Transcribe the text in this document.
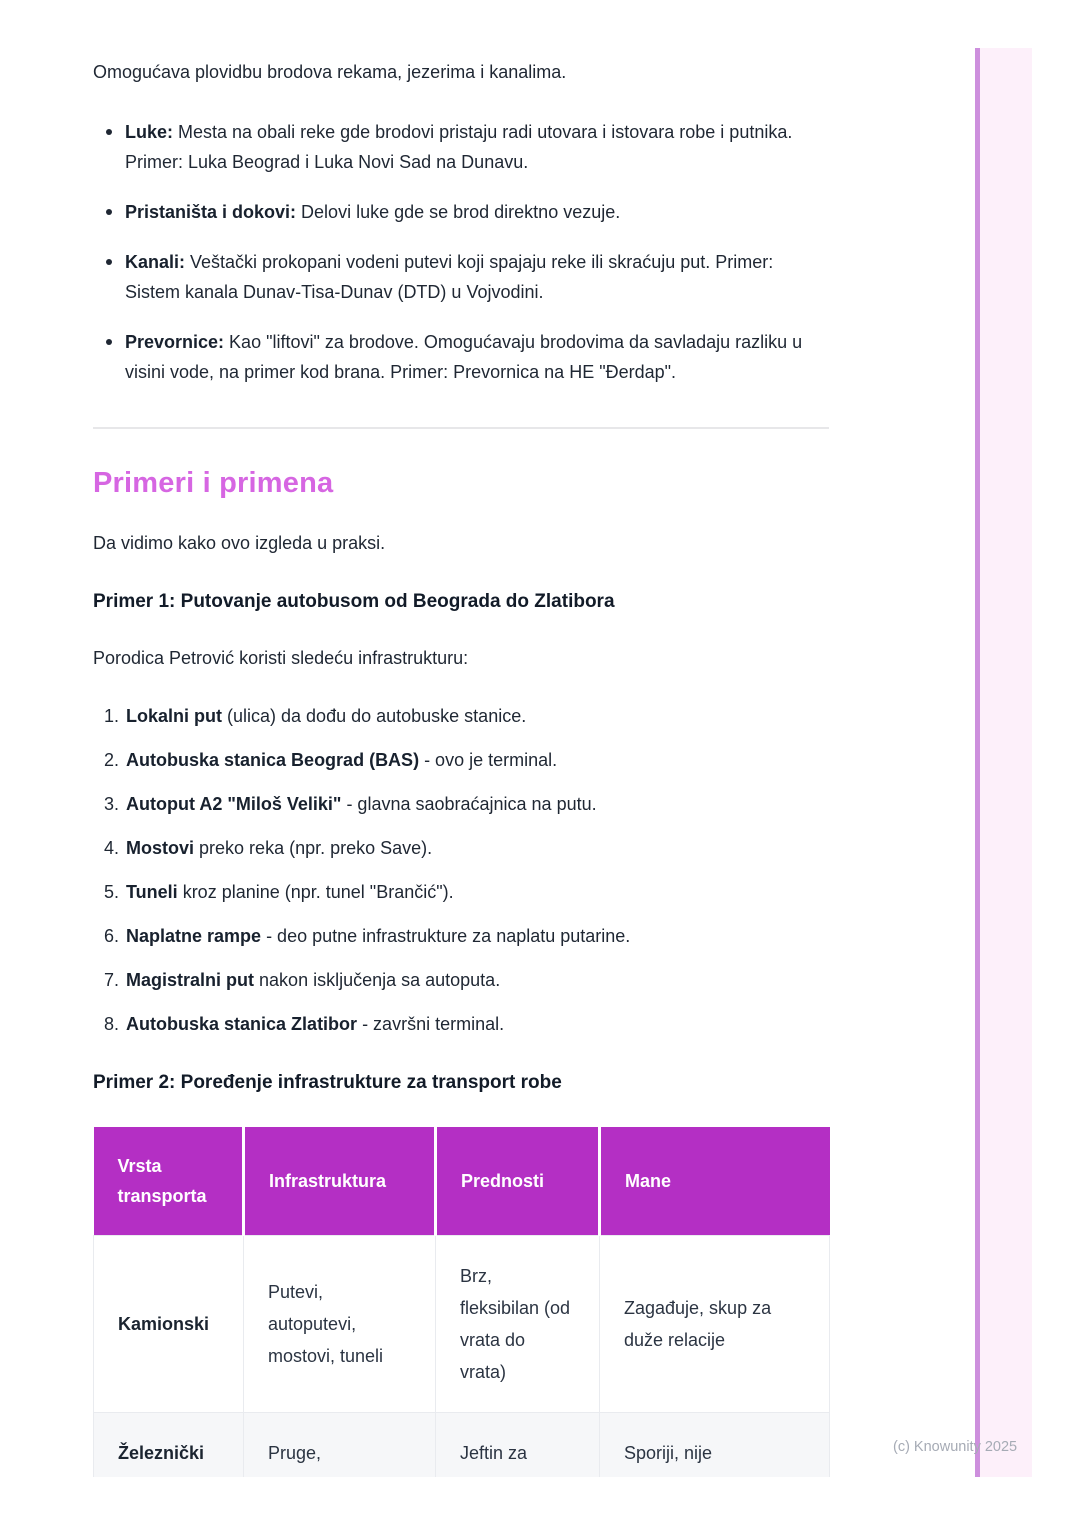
Omogućava plovidbu brodova rekama, jezerima i kanalima.

Luke: Mesta na obali reke gde brodovi pristaju radi utovara i istovara robe i putnika. Primer: Luka Beograd i Luka Novi Sad na Dunavu.

Pristaništa i dokovi: Delovi luke gde se brod direktno vezuje.

Kanali: Veštački prokopani vodeni putevi koji spajaju reke ili skraćuju put. Primer: Sistem kanala Dunav-Tisa-Dunav (DTD) u Vojvodini.

Prevornice: Kao "liftovi" za brodove. Omogućavaju brodovima da savladaju razliku u visini vode, na primer kod brana. Primer: Prevornica na HE "Đerdap".

Primeri i primena

Da vidimo kako ovo izgleda u praksi.

Primer 1: Putovanje autobusom od Beograda do Zlatibora

Porodica Petrović koristi sledeću infrastrukturu:

1. Lokalni put (ulica) da dođu do autobuske stanice.

2. Autobuska stanica Beograd (BAS) - ovo je terminal.

3. Autoput A2 "Miloš Veliki" - glavna saobraćajnica na putu.

4. Mostovi preko reka (npr. preko Save).

5. Tuneli kroz planine (npr. tunel "Brančić").

6. Naplatne rampe - deo putne infrastrukture za naplatu putarine.

7. Magistralni put nakon isključenja sa autoputa.

8. Autobuska stanica Zlatibor - završni terminal.

Primer 2: Poređenje infrastrukture za transport robe
Vrsta transporta	Infrastruktura	Prednosti	Mane
Kamionski	Putevi, autoputevi, mostovi, tuneli	Brz, fleksibilan (od vrata do vrata)	Zagađuje, skup za duže relacije
Železnički	Pruge,	Jeftin za	Sporiji, nije	(c) Knowunity 2025
